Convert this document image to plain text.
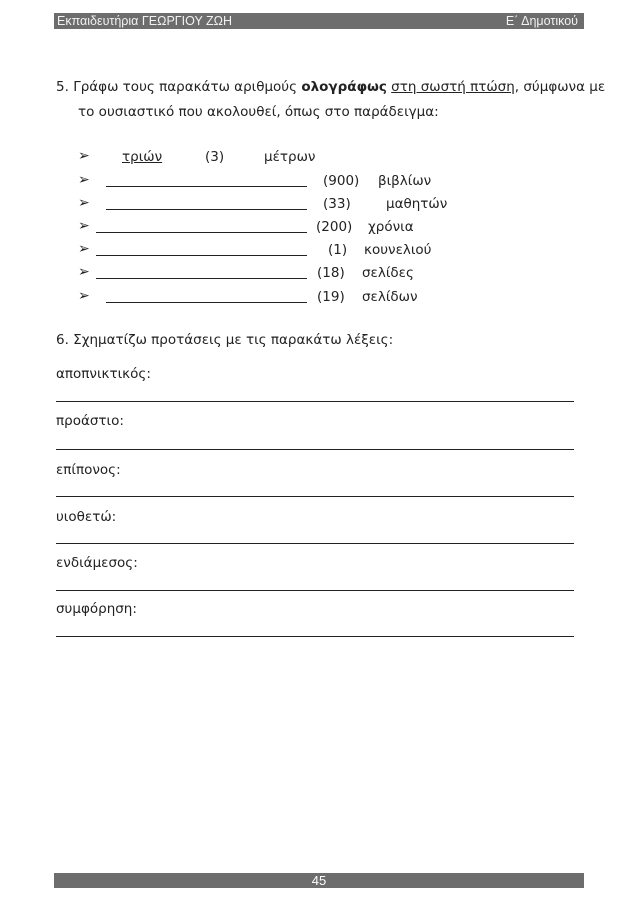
Εκπαιδευτήρια ΓΕΩΡΓΙΟΥ ΖΩΗ	Ε΄ Δημοτικού
5. Γράφω τους παρακάτω αριθμούς ολογράφως στη σωστή πτώση, σύμφωνα με
το ουσιαστικό που ακολουθεί, όπως στο παράδειγμα:
➢ τριών	(3)	μέτρων
➢	(900) βιβλίων
➢	(33)	μαθητών
➢	(200) χρόνια
➢	(1) κουνελιού
➢	(18) σελίδες
➢	(19) σελίδων
6. Σχηματίζω προτάσεις με τις παρακάτω λέξεις:
αποπνικτικός:
προάστιο:
επίπονος:
υιοθετώ:
ενδιάμεσος:
συμφόρηση:
45
